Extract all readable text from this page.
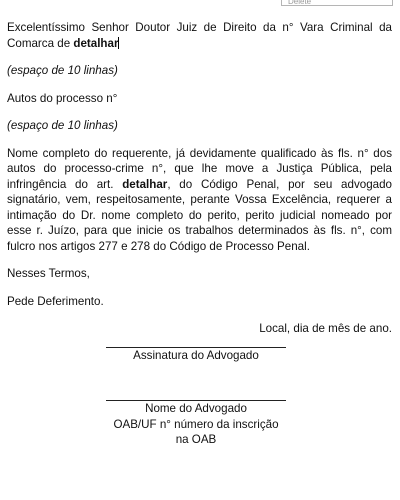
Delete

Excelentíssimo Senhor Doutor Juiz de Direito da n° Vara Criminal da Comarca de detalhar

(espaço de 10 linhas)

Autos do processo n°

(espaço de 10 linhas)

Nome completo do requerente, já devidamente qualificado às fls. n° dos autos do processo-crime n°, que lhe move a Justiça Pública, pela infringência do art. detalhar, do Código Penal, por seu advogado signatário, vem, respeitosamente, perante Vossa Excelência, requerer a intimação do Dr. nome completo do perito, perito judicial nomeado por esse r. Juízo, para que inicie os trabalhos determinados às fls. n°, com fulcro nos artigos 277 e 278 do Código de Processo Penal.

Nesses Termos,

Pede Deferimento.

Local, dia de mês de ano.

Assinatura do Advogado
Nome do Advogado
OAB/UF n° número da inscrição na OAB
